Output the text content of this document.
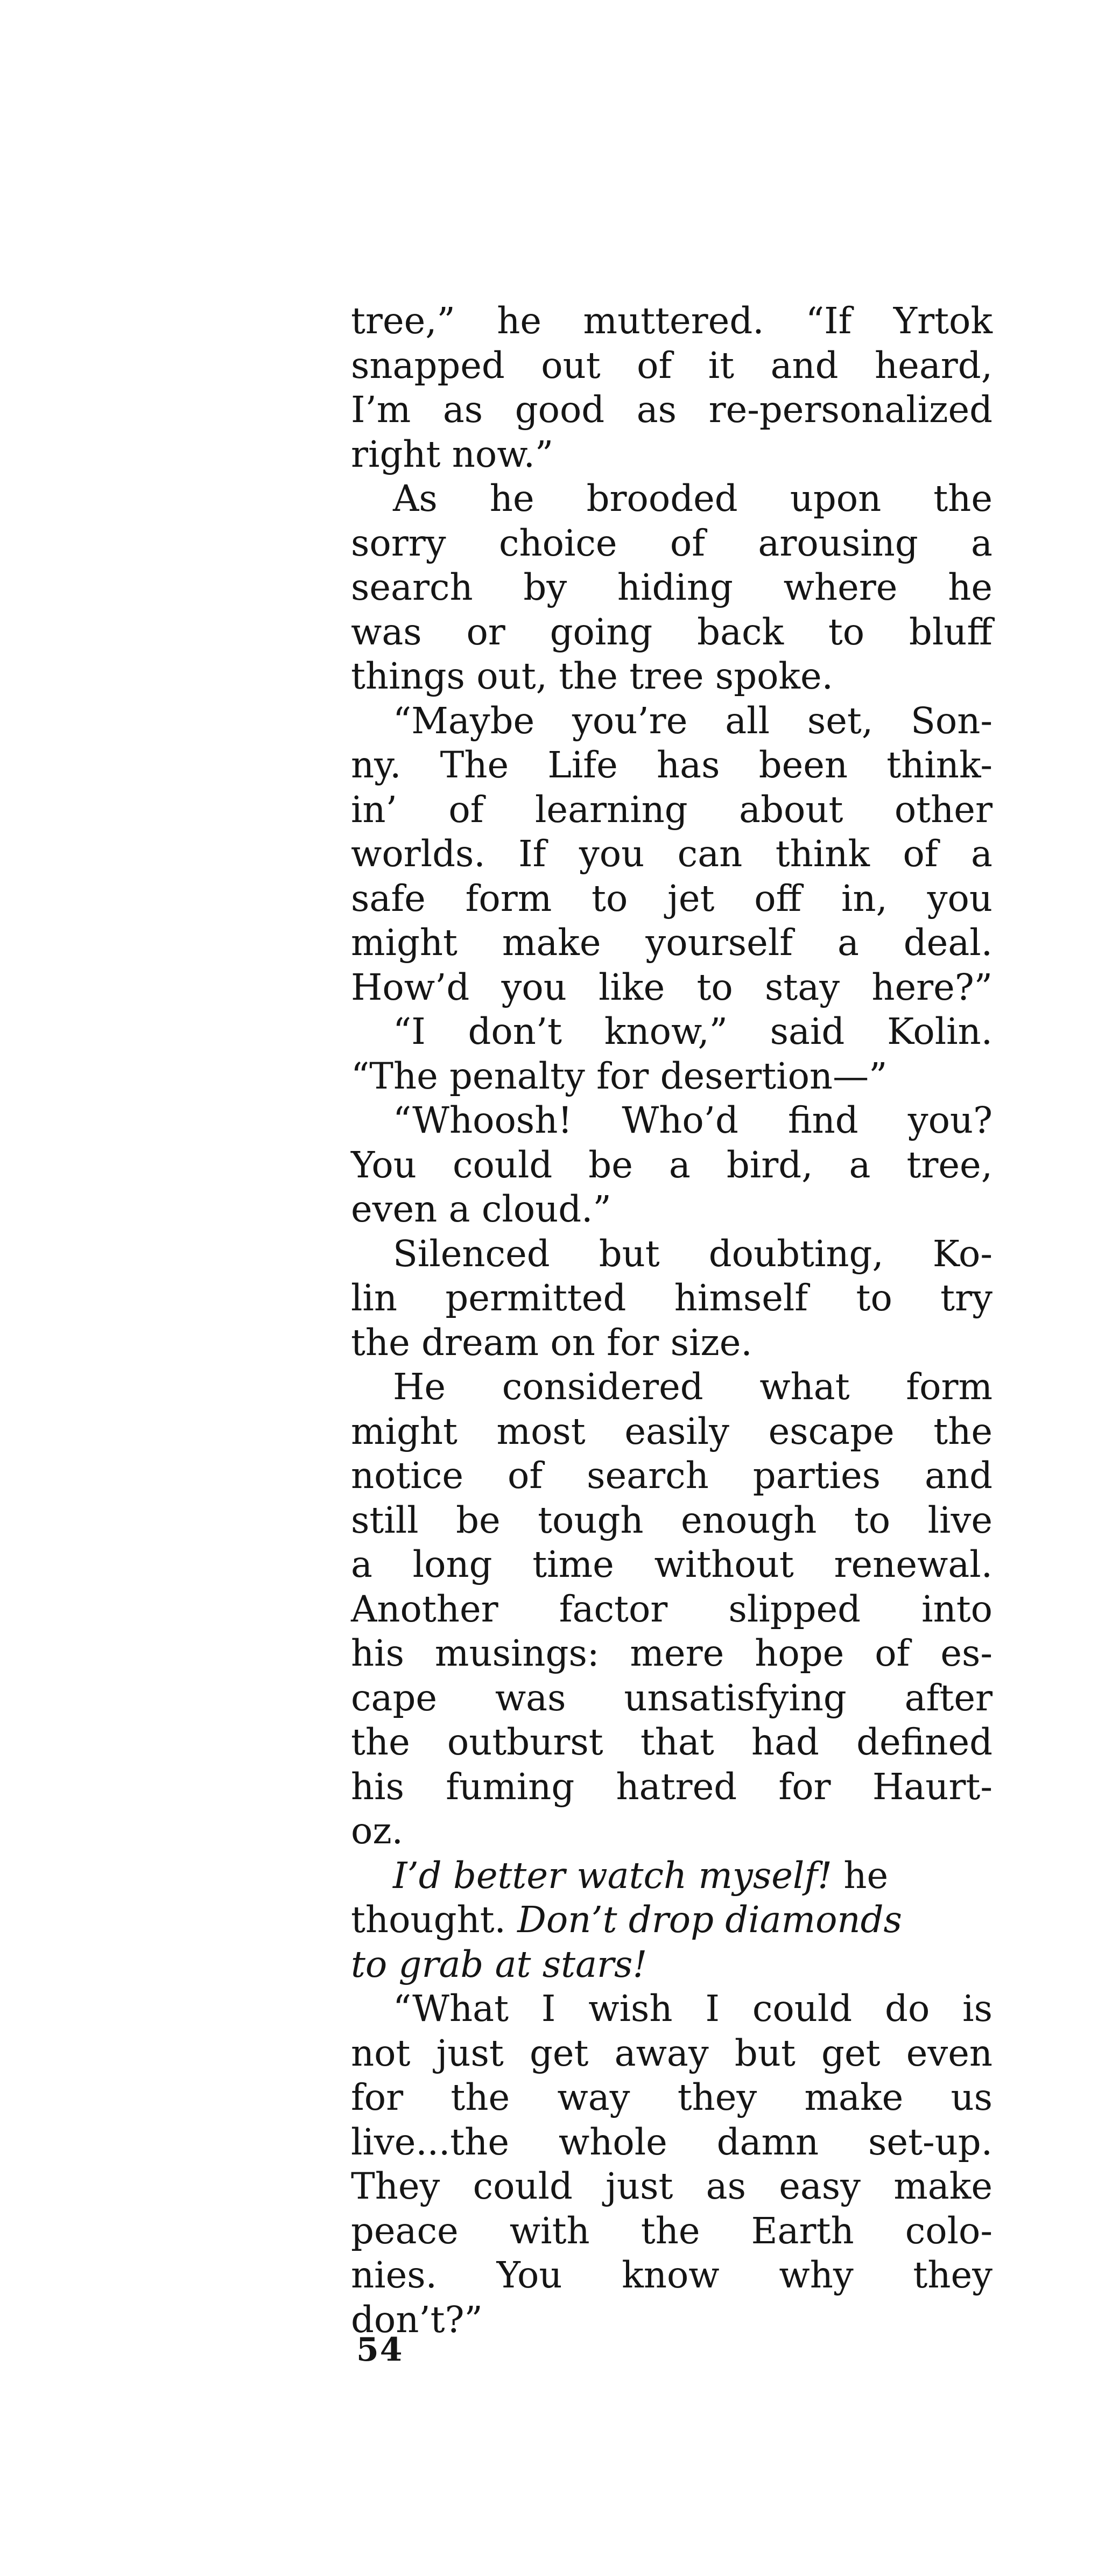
tree,” he muttered. “If Yrtok
snapped out of it and heard,
I’m as good as re-personalized
right now.”
As he brooded upon the
sorry choice of arousing a
search by hiding where he
was or going back to bluff
things out, the tree spoke.
“Maybe you’re all set, Son-
ny. The Life has been think-
in’ of learning about other
worlds. If you can think of a
safe form to jet off in, you
might make yourself a deal.
How’d you like to stay here?”
“I don’t know,” said Kolin.
“The penalty for desertion—”
“Whoosh! Who’d find you?
You could be a bird, a tree,
even a cloud.”
Silenced but doubting, Ko-
lin permitted himself to try
the dream on for size.
He considered what form
might most easily escape the
notice of search parties and
still be tough enough to live
a long time without renewal.
Another factor slipped into
his musings: mere hope of es-
cape was unsatisfying after
the outburst that had defined
his fuming hatred for Haurt-
oz.
I’d better watch myself! he
thought. Don’t drop diamonds
to grab at stars!
“What I wish I could do is
not just get away but get even
for the way they make us
live...the whole damn set-up.
They could just as easy make
peace with the Earth colo-
nies. You know why they
don’t?”

54
